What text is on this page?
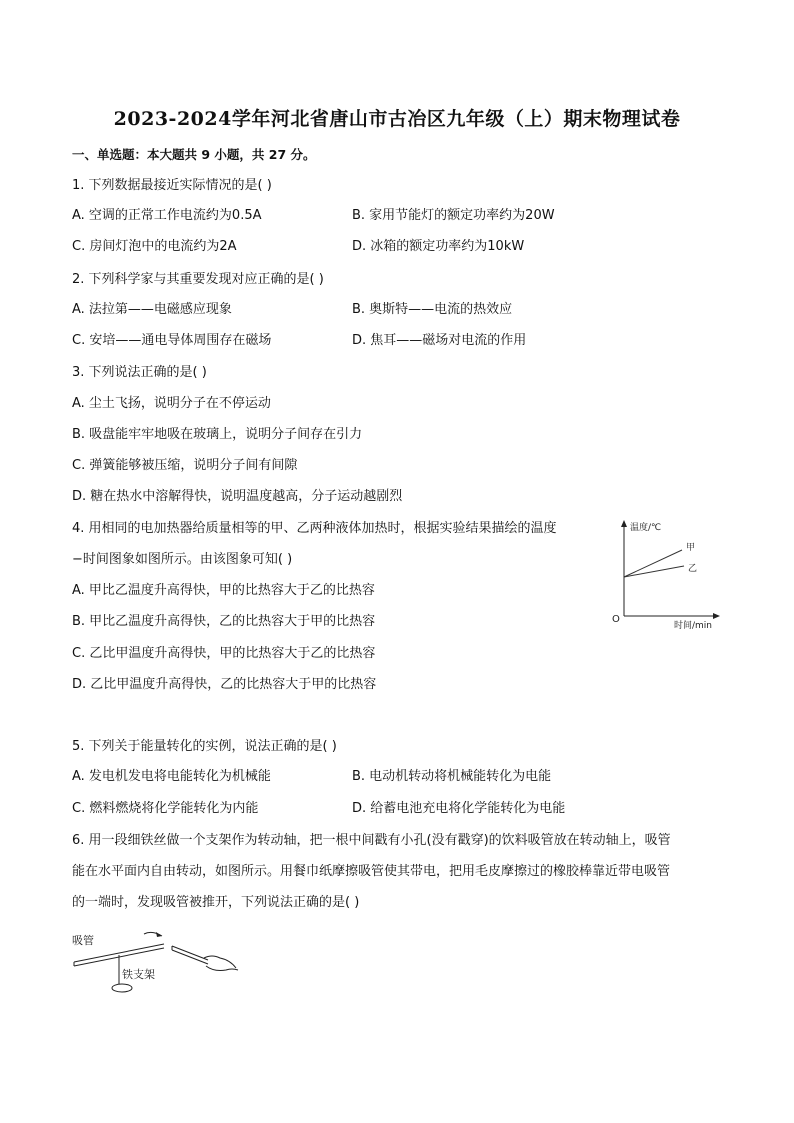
2023-2024学年河北省唐山市古冶区九年级（上）期末物理试卷
一、单选题：本大题共 9 小题，共 27 分。
1. 下列数据最接近实际情况的是( )
A. 空调的正常工作电流约为0.5A	B. 家用节能灯的额定功率约为20W
C. 房间灯泡中的电流约为2A	D. 冰箱的额定功率约为10kW
2. 下列科学家与其重要发现对应正确的是( )
A. 法拉第——电磁感应现象	B. 奥斯特——电流的热效应
C. 安培——通电导体周围存在磁场	D. 焦耳——磁场对电流的作用
3. 下列说法正确的是( )
A. 尘土飞扬，说明分子在不停运动
B. 吸盘能牢牢地吸在玻璃上，说明分子间存在引力
C. 弹簧能够被压缩，说明分子间有间隙
D. 糖在热水中溶解得快，说明温度越高，分子运动越剧烈
4. 用相同的电加热器给质量相等的甲、乙两种液体加热时，根据实验结果描绘的温度
−时间图象如图所示。由该图象可知( )
A. 甲比乙温度升高得快，甲的比热容大于乙的比热容
B. 甲比乙温度升高得快，乙的比热容大于甲的比热容
C. 乙比甲温度升高得快，甲的比热容大于乙的比热容
D. 乙比甲温度升高得快，乙的比热容大于甲的比热容
温度/℃
甲
乙
O
时间/min
5. 下列关于能量转化的实例，说法正确的是( )
A. 发电机发电将电能转化为机械能	B. 电动机转动将机械能转化为电能
C. 燃料燃烧将化学能转化为内能	D. 给蓄电池充电将化学能转化为电能
6. 用一段细铁丝做一个支架作为转动轴，把一根中间戳有小孔(没有戳穿)的饮料吸管放在转动轴上，吸管
能在水平面内自由转动，如图所示。用餐巾纸摩擦吸管使其带电，把用毛皮摩擦过的橡胶棒靠近带电吸管
的一端时，发现吸管被推开，下列说法正确的是( )
吸管
铁支架
